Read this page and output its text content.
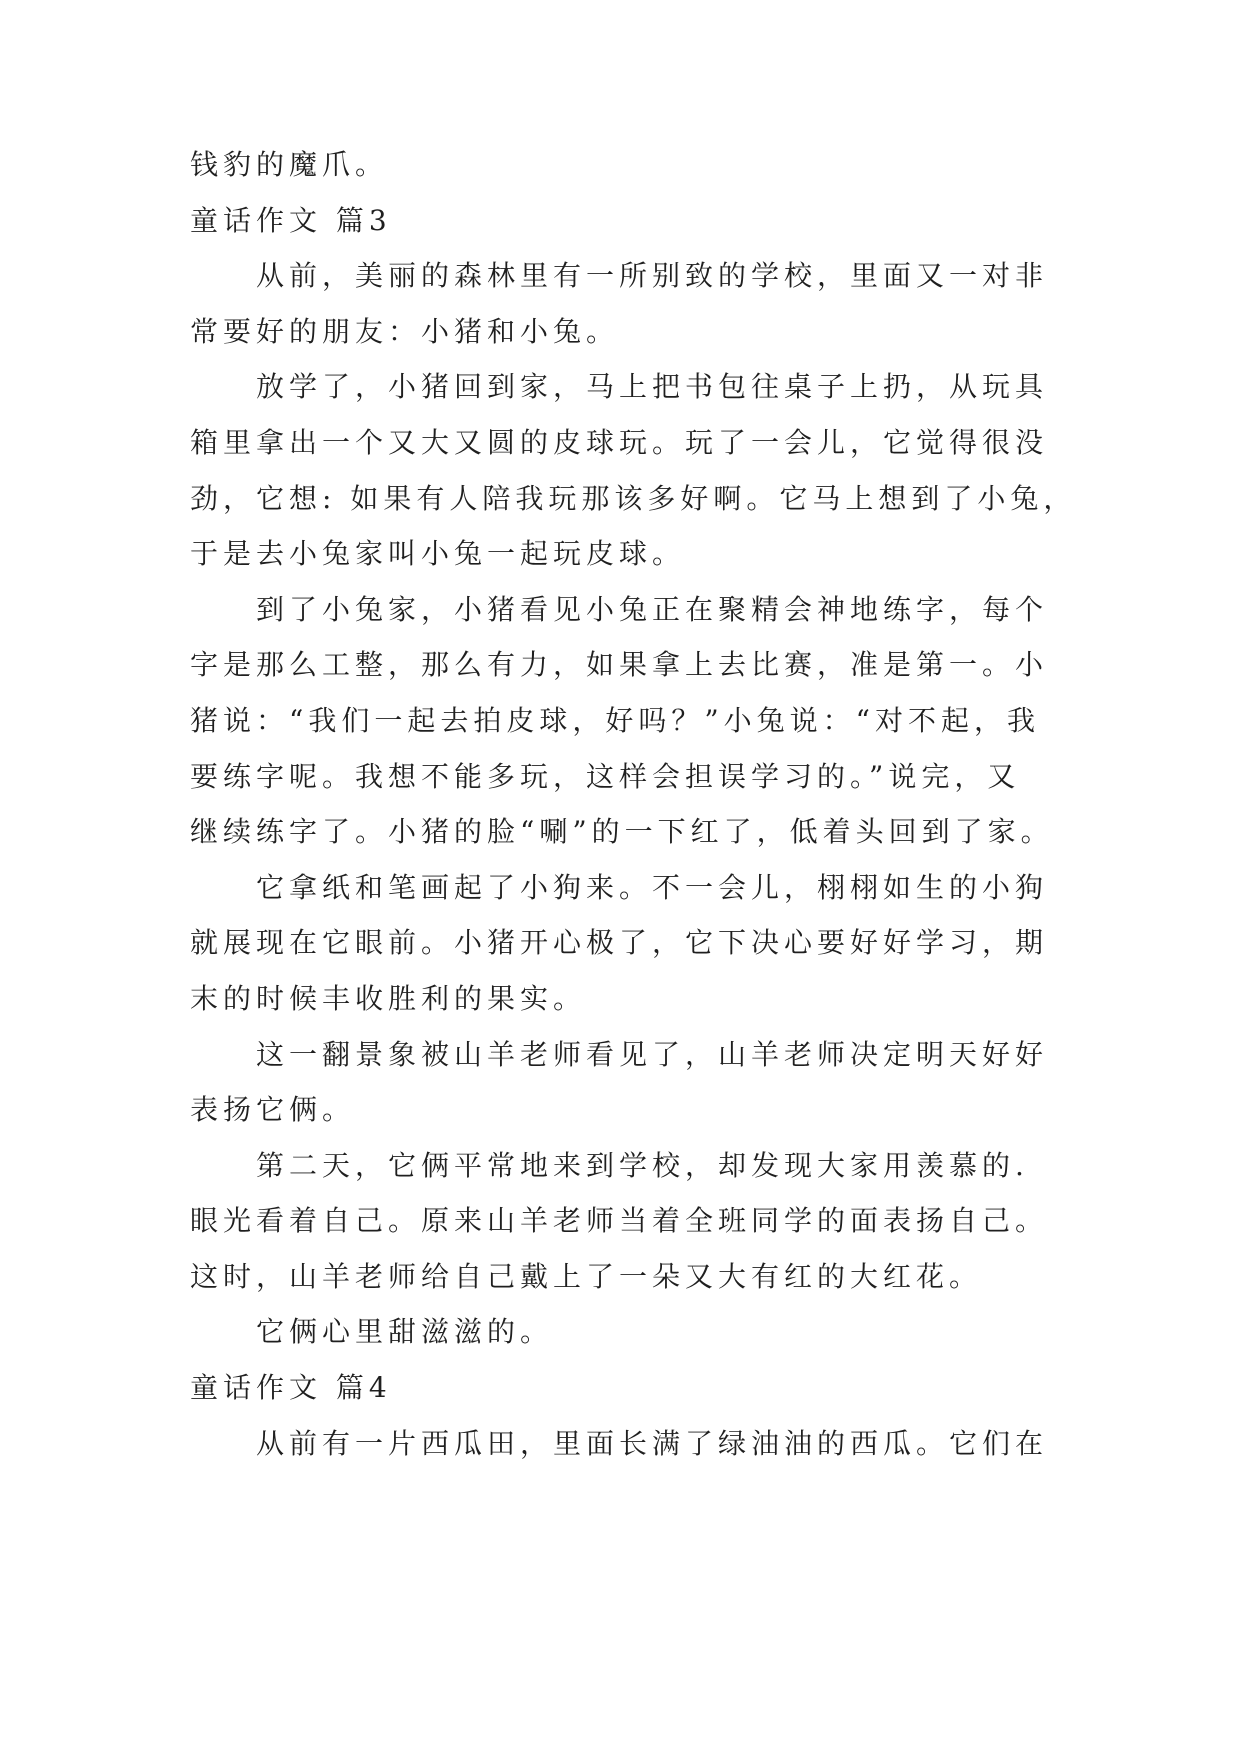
钱豹的魔爪。
童话作文 篇3
从前，美丽的森林里有一所别致的学校，里面又一对非
常要好的朋友：小猪和小兔。
放学了，小猪回到家，马上把书包往桌子上扔，从玩具
箱里拿出一个又大又圆的皮球玩。玩了一会儿，它觉得很没
劲，它想: 如果有人陪我玩那该多好啊。它马上想到了小兔，
于是去小兔家叫小兔一起玩皮球。
到了小兔家，小猪看见小兔正在聚精会神地练字，每个
字是那么工整，那么有力，如果拿上去比赛，准是第一。小
猪说：“我们一起去拍皮球，好吗？”小兔说：“对不起，我
要练字呢。我想不能多玩，这样会担误学习的。”说完，又
继续练字了。小猪的脸“唰”的一下红了，低着头回到了家。
它拿纸和笔画起了小狗来。不一会儿，栩栩如生的小狗
就展现在它眼前。小猪开心极了，它下决心要好好学习，期
末的时候丰收胜利的果实。
这一翻景象被山羊老师看见了，山羊老师决定明天好好
表扬它俩。
第二天，它俩平常地来到学校，却发现大家用羡慕的.
眼光看着自己。原来山羊老师当着全班同学的面表扬自己。
这时，山羊老师给自己戴上了一朵又大有红的大红花。
它俩心里甜滋滋的。
童话作文 篇4
从前有一片西瓜田，里面长满了绿油油的西瓜。它们在
